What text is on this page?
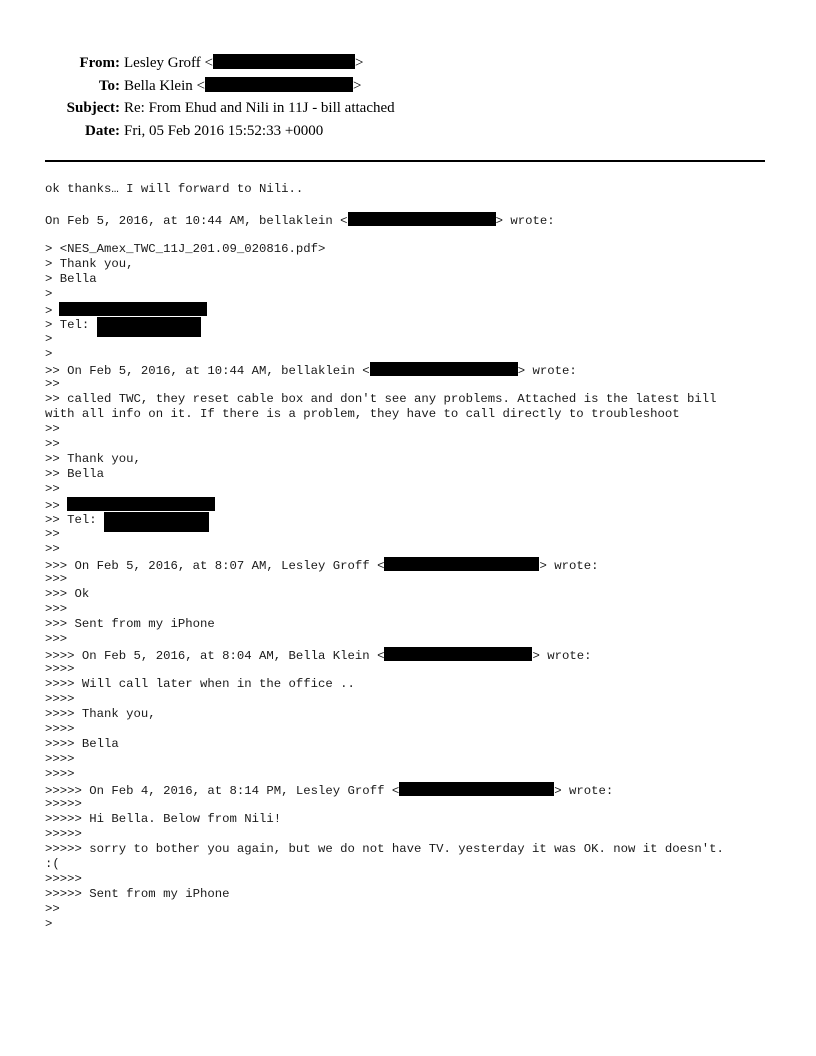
From: Lesley Groff <	>
To: Bella Klein <	>
Subject: Re: From Ehud and Nili in 11J - bill attached
Date: Fri, 05 Feb 2016 15:52:33 +0000
ok thanks… I will forward to Nili..
On Feb 5, 2016, at 10:44 AM, bellaklein <	> wrote:
> <NES_Amex_TWC_11J_201.09_020816.pdf>
> Thank you,
> Bella
>
>
> Tel:
>
>
>> On Feb 5, 2016, at 10:44 AM, bellaklein <	> wrote:
>>
>> called TWC, they reset cable box and don't see any problems. Attached is the latest bill
with all info on it. If there is a problem, they have to call directly to troubleshoot
>>
>>
>> Thank you,
>> Bella
>>
>>
>> Tel:
>>
>>
>>> On Feb 5, 2016, at 8:07 AM, Lesley Groff <	> wrote:
>>>
>>> Ok
>>>
>>> Sent from my iPhone
>>>
>>>> On Feb 5, 2016, at 8:04 AM, Bella Klein <	> wrote:
>>>>
>>>> Will call later when in the office ..
>>>>
>>>> Thank you,
>>>>
>>>> Bella
>>>>
>>>>
>>>>> On Feb 4, 2016, at 8:14 PM, Lesley Groff <	> wrote:
>>>>>
>>>>> Hi Bella. Below from Nili!
>>>>>
>>>>> sorry to bother you again, but we do not have TV. yesterday it was OK. now it doesn't.
:(
>>>>>
>>>>> Sent from my iPhone
>>
>
